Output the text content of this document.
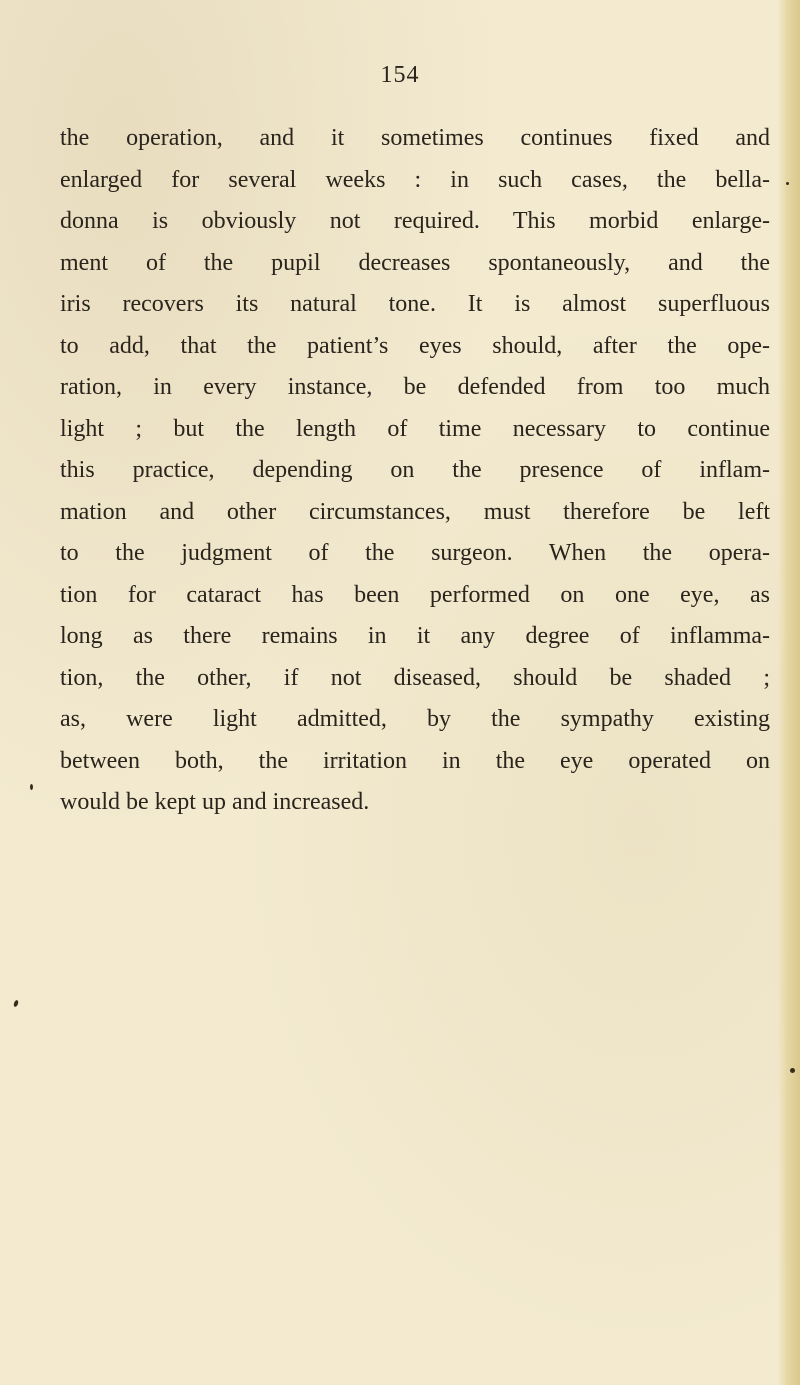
154
the operation, and it sometimes continues fixed and
enlarged for several weeks : in such cases, the bella-
donna is obviously not required. This morbid enlarge-
ment of the pupil decreases spontaneously, and the
iris recovers its natural tone. It is almost superfluous
to add, that the patient’s eyes should, after the ope-
ration, in every instance, be defended from too much
light ; but the length of time necessary to continue
this practice, depending on the presence of inflam-
mation and other circumstances, must therefore be left
to the judgment of the surgeon. When the opera-
tion for cataract has been performed on one eye, as
long as there remains in it any degree of inflamma-
tion, the other, if not diseased, should be shaded ;
as, were light admitted, by the sympathy existing
between both, the irritation in the eye operated on
would be kept up and increased.
